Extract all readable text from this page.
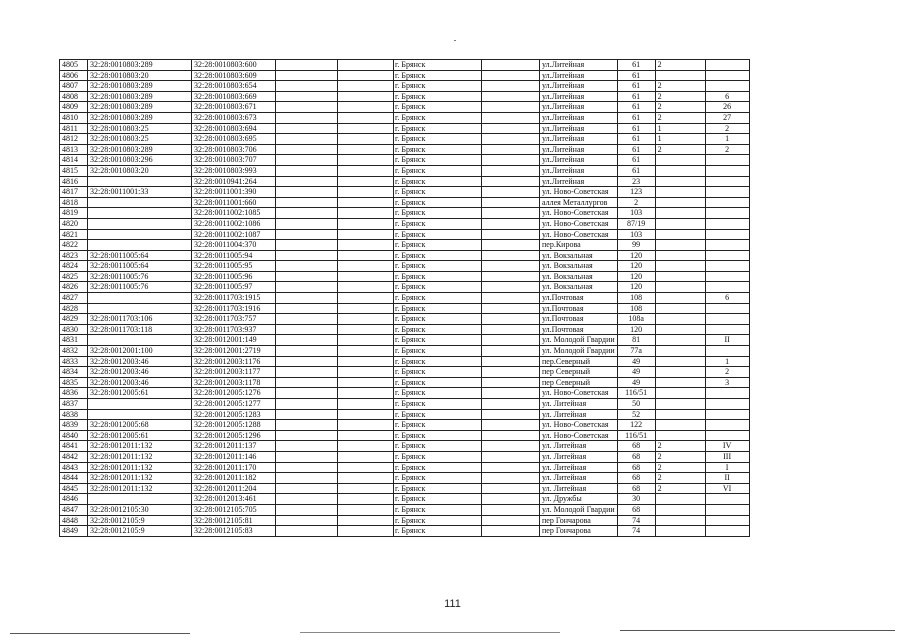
4805	32:28:0010803:289	32:28:0010803:600			г. Брянск		ул.Литейная	61	2	
4806	32:28:0010803:20	32:28:0010803:609			г. Брянск		ул.Литейная	61		
4807	32:28:0010803:289	32:28:0010803:654			г. Брянск		ул.Литейная	61	2	
4808	32:28:0010803:289	32:28:0010803:669			г. Брянск		ул.Литейная	61	2	6
4809	32:28:0010803:289	32:28:0010803:671			г. Брянск		ул.Литейная	61	2	26
4810	32:28:0010803:289	32:28:0010803:673			г. Брянск		ул.Литейная	61	2	27
4811	32:28:0010803:25	32:28:0010803:694			г. Брянск		ул.Литейная	61	1	2
4812	32:28:0010803:25	32:28:0010803:695			г. Брянск		ул.Литейная	61	1	1
4813	32:28:0010803:289	32:28:0010803:706			г. Брянск		ул.Литейная	61	2	2
4814	32:28:0010803:296	32:28:0010803:707			г. Брянск		ул.Литейная	61		
4815	32:28:0010803:20	32:28:0010803:993			г. Брянск		ул.Литейная	61		
4816		32:28:0010941:264			г. Брянск		ул.Литейная	23		
4817	32:28:0011001:33	32:28:0011001:390			г. Брянск		ул. Ново-Советская	123		
4818		32:28:0011001:660			г. Брянск		аллея Металлургов	2		
4819		32:28:0011002:1085			г. Брянск		ул. Ново-Советская	103		
4820		32:28:0011002:1086			г. Брянск		ул. Ново-Советская	87/19		
4821		32:28:0011002:1087			г. Брянск		ул. Ново-Советская	103		
4822		32:28:0011004:370			г. Брянск		пер.Кирова	99		
4823	32:28:0011005:64	32:28:0011005:94			г. Брянск		ул. Вокзальная	120		
4824	32:28:0011005:64	32:28:0011005:95			г. Брянск		ул. Вокзальная	120		
4825	32:28:0011005:76	32:28:0011005:96			г. Брянск		ул. Вокзальная	120		
4826	32:28:0011005:76	32:28:0011005:97			г. Брянск		ул. Вокзальная	120		
4827		32:28:0011703:1915			г. Брянск		ул.Почтовая	108		6
4828		32:28:0011703:1916			г. Брянск		ул.Почтовая	108		
4829	32:28:0011703:106	32:28:0011703:757			г. Брянск		ул.Почтовая	108а		
4830	32:28:0011703:118	32:28:0011703:937			г. Брянск		ул.Почтовая	120		
4831		32:28:0012001:149			г. Брянск		ул. Молодой Гвардии	81		II
4832	32:28:0012001:100	32:28:0012001:2719			г. Брянск		ул. Молодой Гвардии	77а		
4833	32:28:0012003:46	32:28:0012003:1176			г. Брянск		пер.Северный	49		1
4834	32:28:0012003:46	32:28:0012003:1177			г. Брянск		пер Северный	49		2
4835	32:28:0012003:46	32:28:0012003:1178			г. Брянск		пер Северный	49		3
4836	32:28:0012005:61	32:28:0012005:1276			г. Брянск		ул. Ново-Советская	116/51		
4837		32:28:0012005:1277			г. Брянск		ул. Литейная	50		
4838		32:28:0012005:1283			г. Брянск		ул. Литейная	52		
4839	32:28:0012005:68	32:28:0012005:1288			г. Брянск		ул. Ново-Советская	122		
4840	32:28:0012005:61	32:28:0012005:1296			г. Брянск		ул. Ново-Советская	116/51		
4841	32:28:0012011:132	32:28:0012011:137			г. Брянск		ул. Литейная	68	2	IV
4842	32:28:0012011:132	32:28:0012011:146			г. Брянск		ул. Литейная	68	2	III
4843	32:28:0012011:132	32:28:0012011:170			г. Брянск		ул. Литейная	68	2	I
4844	32:28:0012011:132	32:28:0012011:182			г. Брянск		ул. Литейная	68	2	II
4845	32:28:0012011:132	32:28:0012011:204			г. Брянск		ул. Литейная	68	2	VI
4846		32:28:0012013:461			г. Брянск		ул. Дружбы	30		
4847	32:28:0012105:30	32:28:0012105:705			г. Брянск		ул. Молодой Гвардии	68		
4848	32:28:0012105:9	32:28:0012105:81			г. Брянск		пер Гончарова	74		
4849	32:28:0012105:9	32:28:0012105:83			г. Брянск		пер Гончарова	74		
111
